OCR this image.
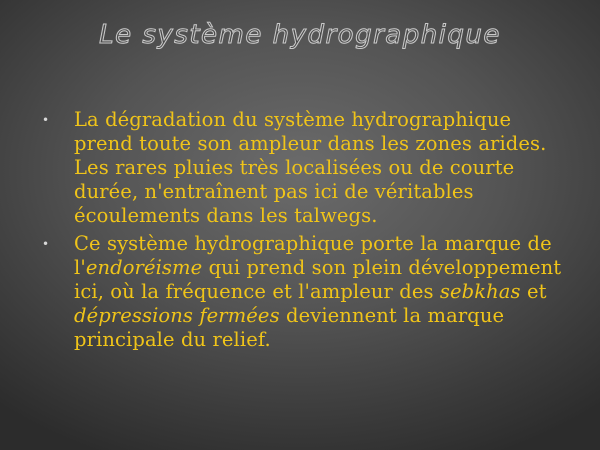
Le système hydrographique
• La dégradation du système hydrographique prend toute son ampleur dans les zones arides. Les rares pluies très localisées ou de courte durée, n'entraînent pas ici de véritables écoulements dans les talwegs.
• Ce système hydrographique porte la marque de l'endoréisme qui prend son plein développement ici, où la fréquence et l'ampleur des sebkhas et dépressions fermées deviennent la marque principale du relief.
